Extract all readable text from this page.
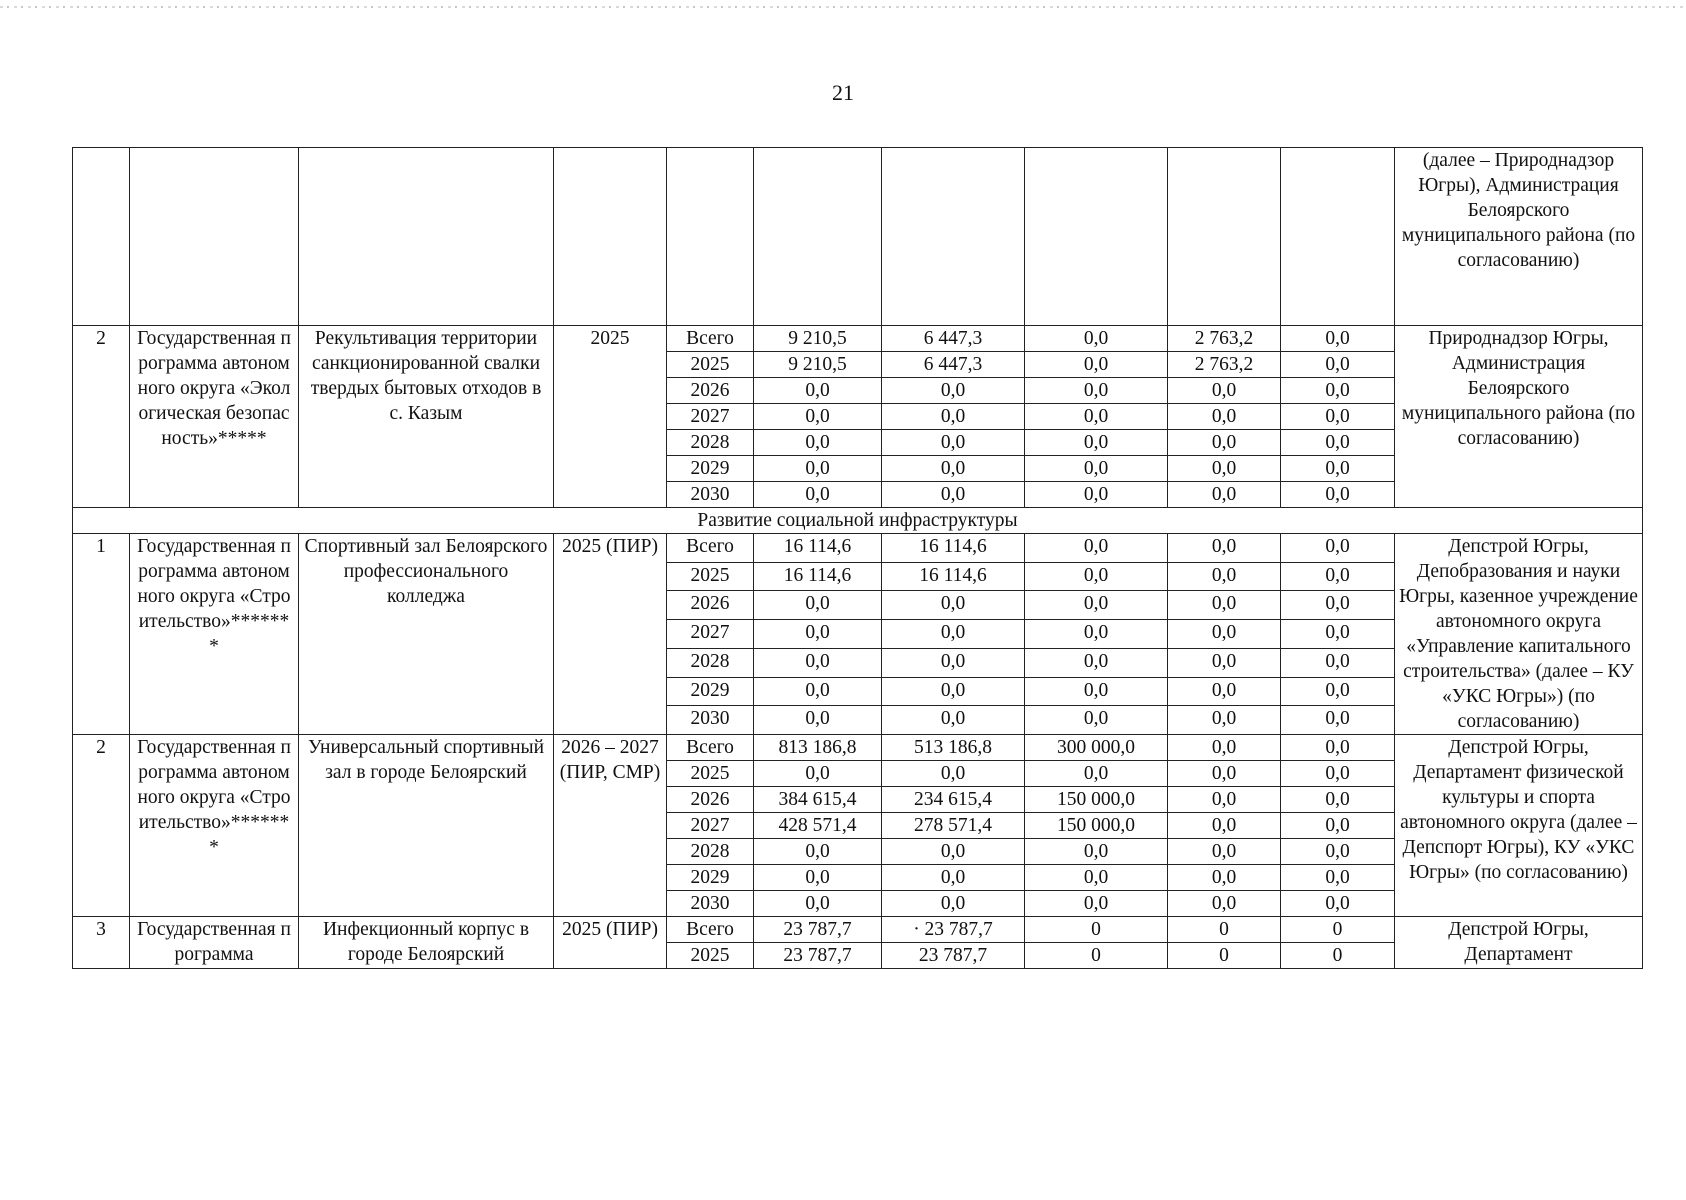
21
										(далее – Природнадзор Югры), Администрация Белоярского муниципального района (по согласованию)
2	Государственная программа автономного округа «Экологическая безопасность»*****	Рекультивация территории санкционированной свалки твердых бытовых отходов в с. Казым	2025	Всего	9 210,5	6 447,3	0,0	2 763,2	0,0	Природнадзор Югры, Администрация Белоярского муниципального района (по согласованию)
				2025	9 210,5	6 447,3	0,0	2 763,2	0,0	
				2026	0,0	0,0	0,0	0,0	0,0	
				2027	0,0	0,0	0,0	0,0	0,0	
				2028	0,0	0,0	0,0	0,0	0,0	
				2029	0,0	0,0	0,0	0,0	0,0	
				2030	0,0	0,0	0,0	0,0	0,0	
Развитие социальной инфраструктуры										
1	Государственная программа автономного округа «Строительство»*******	Спортивный зал Белоярского профессионального колледжа	2025 (ПИР)	Всего	16 114,6	16 114,6	0,0	0,0	0,0	Депстрой Югры, Депобразования и науки Югры, казенное учреждение автономного округа «Управление капитального строительства» (далее – КУ «УКС Югры») (по согласованию)
				2025	16 114,6	16 114,6	0,0	0,0	0,0	
				2026	0,0	0,0	0,0	0,0	0,0	
				2027	0,0	0,0	0,0	0,0	0,0	
				2028	0,0	0,0	0,0	0,0	0,0	
				2029	0,0	0,0	0,0	0,0	0,0	
				2030	0,0	0,0	0,0	0,0	0,0	
2	Государственная программа автономного округа «Строительство»*******	Универсальный спортивный зал в городе Белоярский	2026 – 2027 (ПИР, СМР)	Всего	813 186,8	513 186,8	300 000,0	0,0	0,0	Депстрой Югры, Департамент физической культуры и спорта автономного округа (далее – Депспорт Югры), КУ «УКС Югры» (по согласованию)
				2025	0,0	0,0	0,0	0,0	0,0	
				2026	384 615,4	234 615,4	150 000,0	0,0	0,0	
				2027	428 571,4	278 571,4	150 000,0	0,0	0,0	
				2028	0,0	0,0	0,0	0,0	0,0	
				2029	0,0	0,0	0,0	0,0	0,0	
				2030	0,0	0,0	0,0	0,0	0,0	
3	Государственная программа	Инфекционный корпус в городе Белоярский	2025 (ПИР)	Всего	23 787,7	· 23 787,7	0	0	0	Депстрой Югры, Департамент
				2025	23 787,7	23 787,7	0	0	0	
